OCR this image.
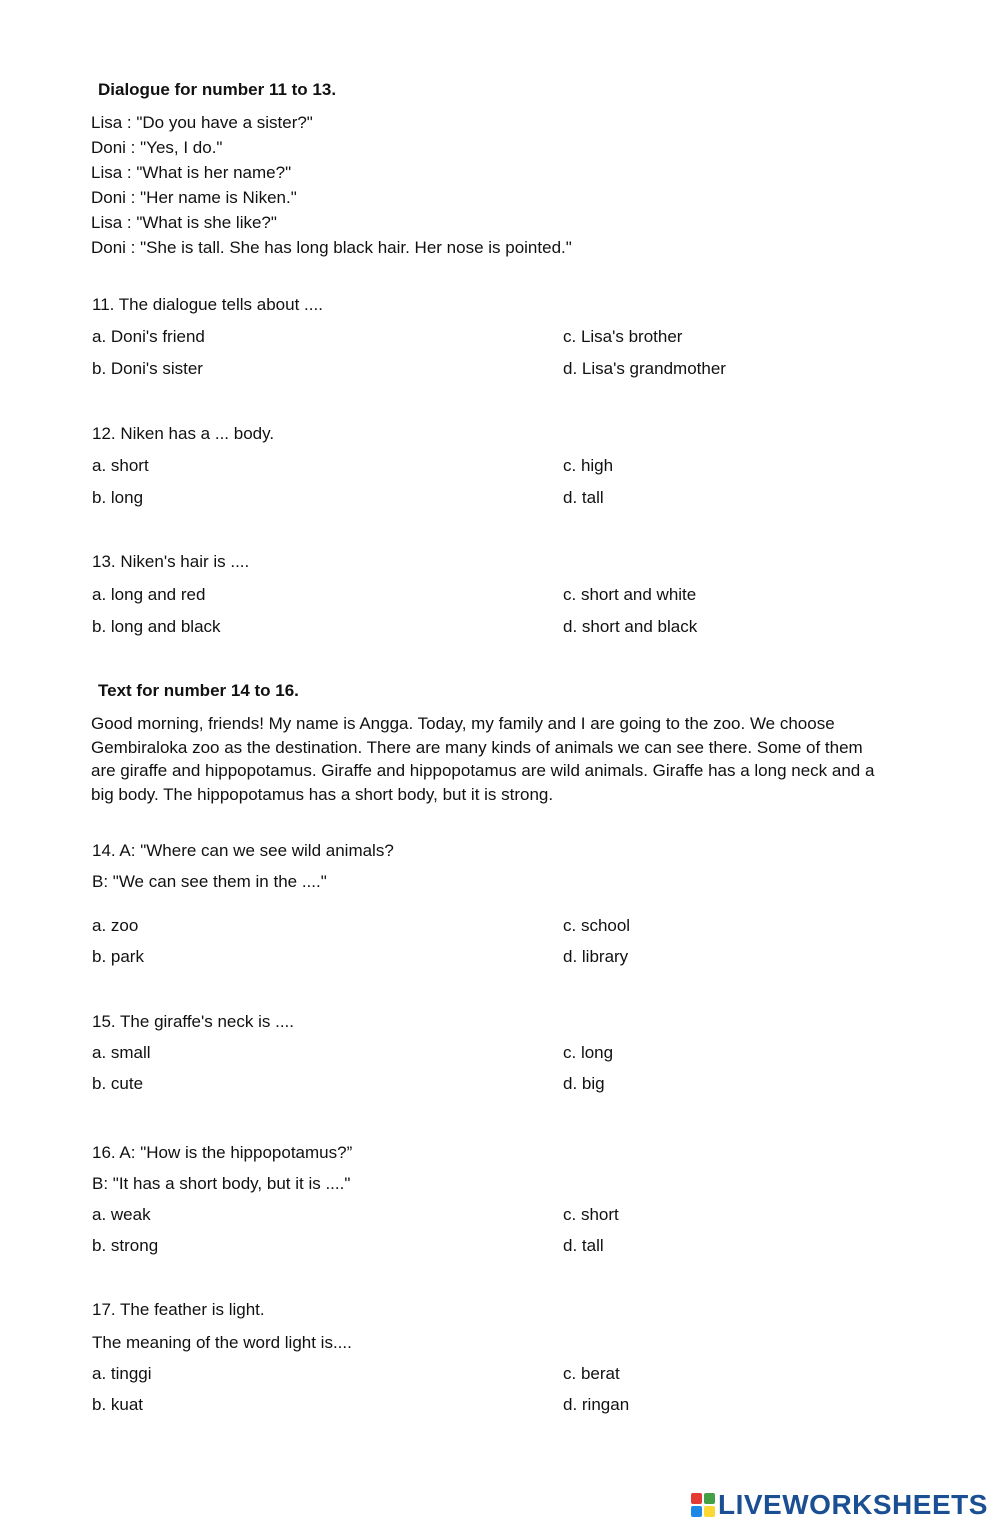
Dialogue for number 11 to 13.
Lisa : "Do you have a sister?"
Doni : "Yes, I do."
Lisa : "What is her name?"
Doni : "Her name is Niken."
Lisa : "What is she like?"
Doni : "She is tall. She has long black hair. Her nose is pointed."
11. The dialogue tells about ....
a. Doni's friend	c. Lisa's brother
b. Doni's sister	d. Lisa's grandmother
12. Niken has a ... body.
a. short	c. high
b. long	d. tall
13. Niken's hair is ....
a. long and red	c. short and white
b. long and black	d. short and black
Text for number 14 to 16.
Good morning, friends! My name is Angga. Today, my family and I are going to the zoo. We choose Gembiraloka zoo as the destination. There are many kinds of animals we can see there. Some of them are giraffe and hippopotamus. Giraffe and hippopotamus are wild animals. Giraffe has a long neck and a big body. The hippopotamus has a short body, but it is strong.
14. A: "Where can we see wild animals?
B: "We can see them in the ...."
a. zoo	c. school
b. park	d. library
15. The giraffe's neck is ....
a. small	c. long
b. cute	d. big
16. A: "How is the hippopotamus?”
B: "It has a short body, but it is ...."
a. weak	c. short
b. strong	d. tall
17. The feather is light.
The meaning of the word light is....
a. tinggi	c. berat
b. kuat	d. ringan
LIVEWORKSHEETS
